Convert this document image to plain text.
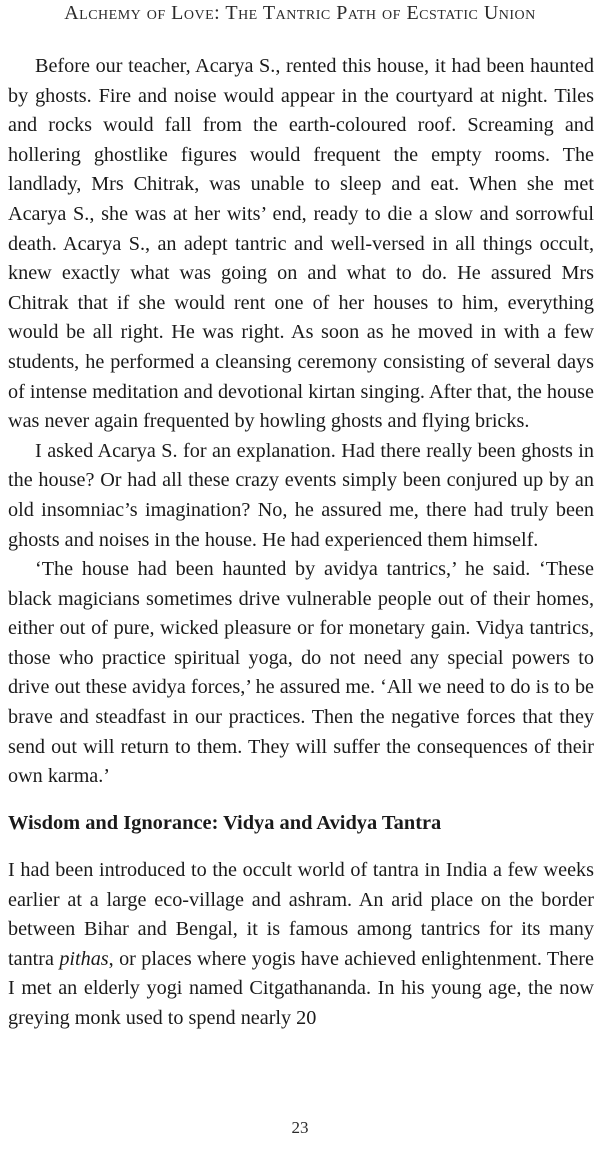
Alchemy of Love: The Tantric Path of Ecstatic Union

Before our teacher, Acarya S., rented this house, it had been haunted by ghosts. Fire and noise would appear in the courtyard at night. Tiles and rocks would fall from the earth-coloured roof. Screaming and hollering ghostlike figures would frequent the empty rooms. The landlady, Mrs Chitrak, was unable to sleep and eat. When she met Acarya S., she was at her wits’ end, ready to die a slow and sorrowful death. Acarya S., an adept tantric and well-versed in all things occult, knew exactly what was going on and what to do. He assured Mrs Chitrak that if she would rent one of her houses to him, everything would be all right. He was right. As soon as he moved in with a few students, he performed a cleansing ceremony consisting of several days of intense meditation and devotional kirtan singing. After that, the house was never again frequented by howling ghosts and flying bricks.

I asked Acarya S. for an explanation. Had there really been ghosts in the house? Or had all these crazy events simply been conjured up by an old insomniac’s imagination? No, he assured me, there had truly been ghosts and noises in the house. He had experienced them himself.

‘The house had been haunted by avidya tantrics,’ he said. ‘These black magicians sometimes drive vulnerable people out of their homes, either out of pure, wicked pleasure or for monetary gain. Vidya tantrics, those who practice spiritual yoga, do not need any special powers to drive out these avidya forces,’ he assured me. ‘All we need to do is to be brave and steadfast in our practices. Then the negative forces that they send out will return to them. They will suffer the consequences of their own karma.’

Wisdom and Ignorance: Vidya and Avidya Tantra

I had been introduced to the occult world of tantra in India a few weeks earlier at a large eco-village and ashram. An arid place on the border between Bihar and Bengal, it is famous among tantrics for its many tantra pithas, or places where yogis have achieved enlightenment. There I met an elderly yogi named Citgathananda. In his young age, the now greying monk used to spend nearly 20

23
